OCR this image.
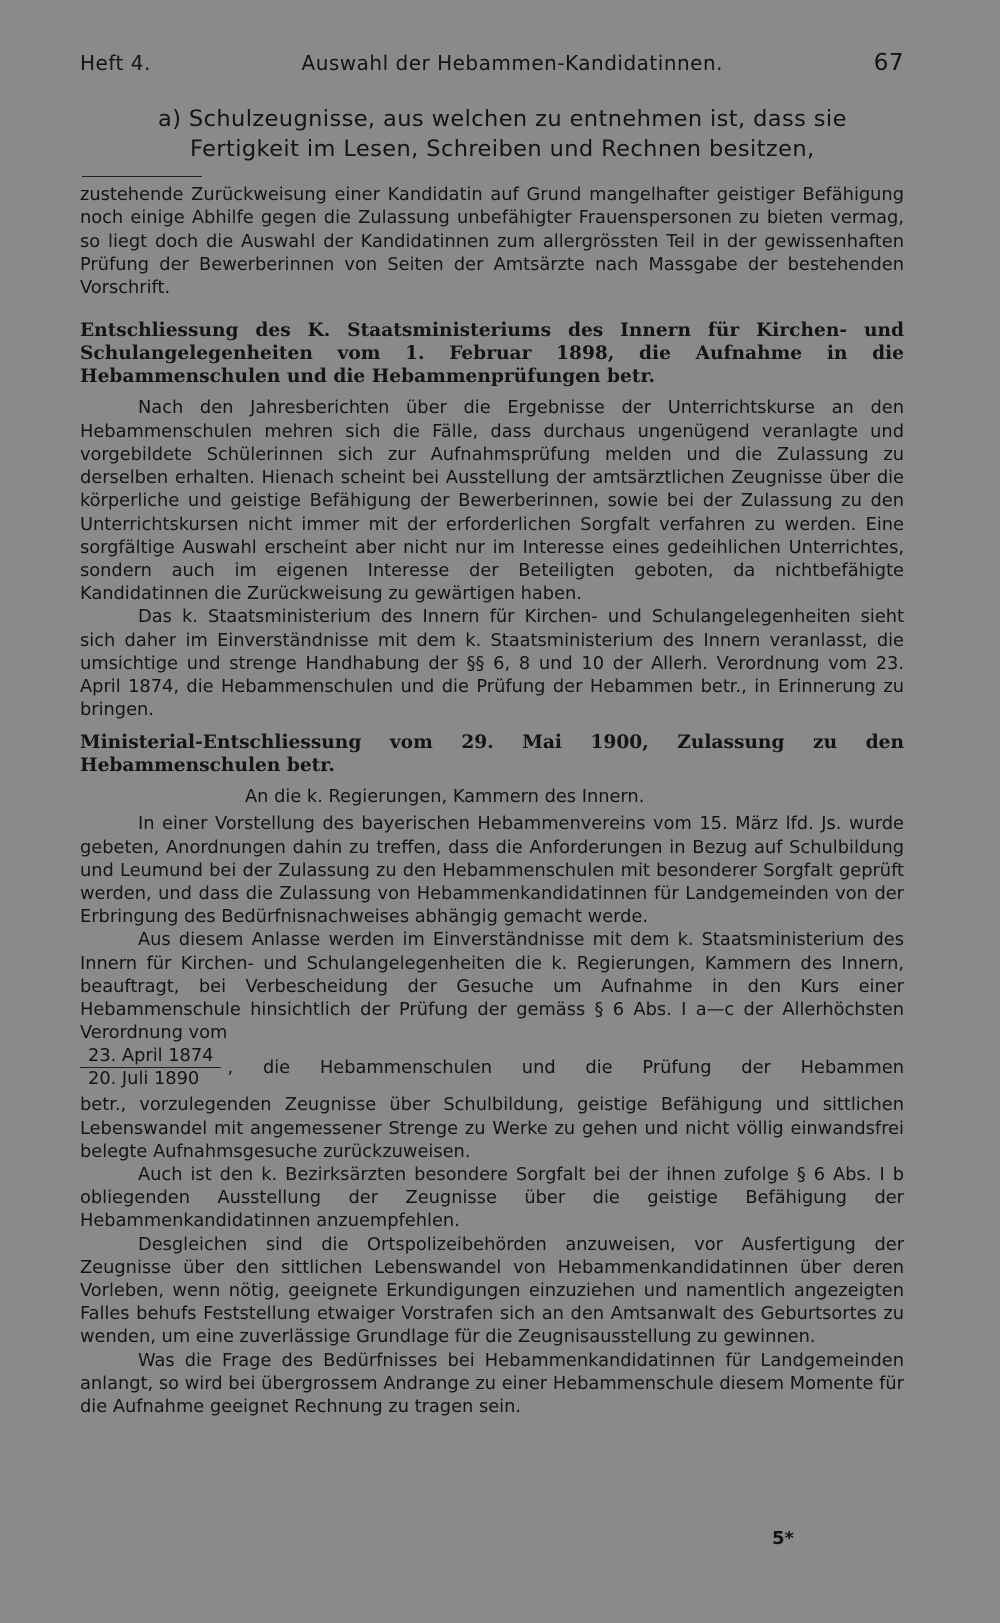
Heft 4.	Auswahl der Hebammen-Kandidatinnen.	67

a) Schulzeugnisse, aus welchen zu entnehmen ist, dass sie Fertigkeit im Lesen, Schreiben und Rechnen besitzen,

zustehende Zurückweisung einer Kandidatin auf Grund mangelhafter geistiger Befähigung noch einige Abhilfe gegen die Zulassung unbefähigter Frauenspersonen zu bieten vermag, so liegt doch die Auswahl der Kandidatinnen zum allergrössten Teil in der gewissenhaften Prüfung der Bewerberinnen von Seiten der Amtsärzte nach Massgabe der bestehenden Vorschrift.

Entschliessung des K. Staatsministeriums des Innern für Kirchen- und Schulangelegenheiten vom 1. Februar 1898, die Aufnahme in die Hebammenschulen und die Hebammenprüfungen betr.

Nach den Jahresberichten über die Ergebnisse der Unterrichtskurse an den Hebammenschulen mehren sich die Fälle, dass durchaus ungenügend veranlagte und vorgebildete Schülerinnen sich zur Aufnahmsprüfung melden und die Zulassung zu derselben erhalten. Hienach scheint bei Ausstellung der amtsärztlichen Zeugnisse über die körperliche und geistige Befähigung der Bewerberinnen, sowie bei der Zulassung zu den Unterrichtskursen nicht immer mit der erforderlichen Sorgfalt verfahren zu werden. Eine sorgfältige Auswahl erscheint aber nicht nur im Interesse eines gedeihlichen Unterrichtes, sondern auch im eigenen Interesse der Beteiligten geboten, da nichtbefähigte Kandidatinnen die Zurückweisung zu gewärtigen haben.

Das k. Staatsministerium des Innern für Kirchen- und Schulangelegenheiten sieht sich daher im Einverständnisse mit dem k. Staatsministerium des Innern veranlasst, die umsichtige und strenge Handhabung der §§ 6, 8 und 10 der Allerh. Verordnung vom 23. April 1874, die Hebammenschulen und die Prüfung der Hebammen betr., in Erinnerung zu bringen.

Ministerial-Entschliessung vom 29. Mai 1900, Zulassung zu den Hebammenschulen betr.

An die k. Regierungen, Kammern des Innern.

In einer Vorstellung des bayerischen Hebammenvereins vom 15. März lfd. Js. wurde gebeten, Anordnungen dahin zu treffen, dass die Anforderungen in Bezug auf Schulbildung und Leumund bei der Zulassung zu den Hebammenschulen mit besonderer Sorgfalt geprüft werden, und dass die Zulassung von Hebammenkandidatinnen für Landgemeinden von der Erbringung des Bedürfnisnachweises abhängig gemacht werde.

Aus diesem Anlasse werden im Einverständnisse mit dem k. Staatsministerium des Innern für Kirchen- und Schulangelegenheiten die k. Regierungen, Kammern des Innern, beauftragt, bei Verbescheidung der Gesuche um Aufnahme in den Kurs einer Hebammenschule hinsichtlich der Prüfung der gemäss § 6 Abs. I a—c der Allerhöchsten Verordnung vom

$\frac{\text{23. April 1874}}{\text{20. Juli 1890}}$ , die Hebammenschulen und die Prüfung der Hebammen

betr., vorzulegenden Zeugnisse über Schulbildung, geistige Befähigung und sittlichen Lebenswandel mit angemessener Strenge zu Werke zu gehen und nicht völlig einwandsfrei belegte Aufnahmsgesuche zurückzuweisen.

Auch ist den k. Bezirksärzten besondere Sorgfalt bei der ihnen zufolge § 6 Abs. I b obliegenden Ausstellung der Zeugnisse über die geistige Befähigung der Hebammenkandidatinnen anzuempfehlen.

Desgleichen sind die Ortspolizeibehörden anzuweisen, vor Ausfertigung der Zeugnisse über den sittlichen Lebenswandel von Hebammenkandidatinnen über deren Vorleben, wenn nötig, geeignete Erkundigungen einzuziehen und namentlich angezeigten Falles behufs Feststellung etwaiger Vorstrafen sich an den Amtsanwalt des Geburtsortes zu wenden, um eine zuverlässige Grundlage für die Zeugnisausstellung zu gewinnen.

Was die Frage des Bedürfnisses bei Hebammenkandidatinnen für Landgemeinden anlangt, so wird bei übergrossem Andrange zu einer Hebammenschule diesem Momente für die Aufnahme geeignet Rechnung zu tragen sein.

5*
